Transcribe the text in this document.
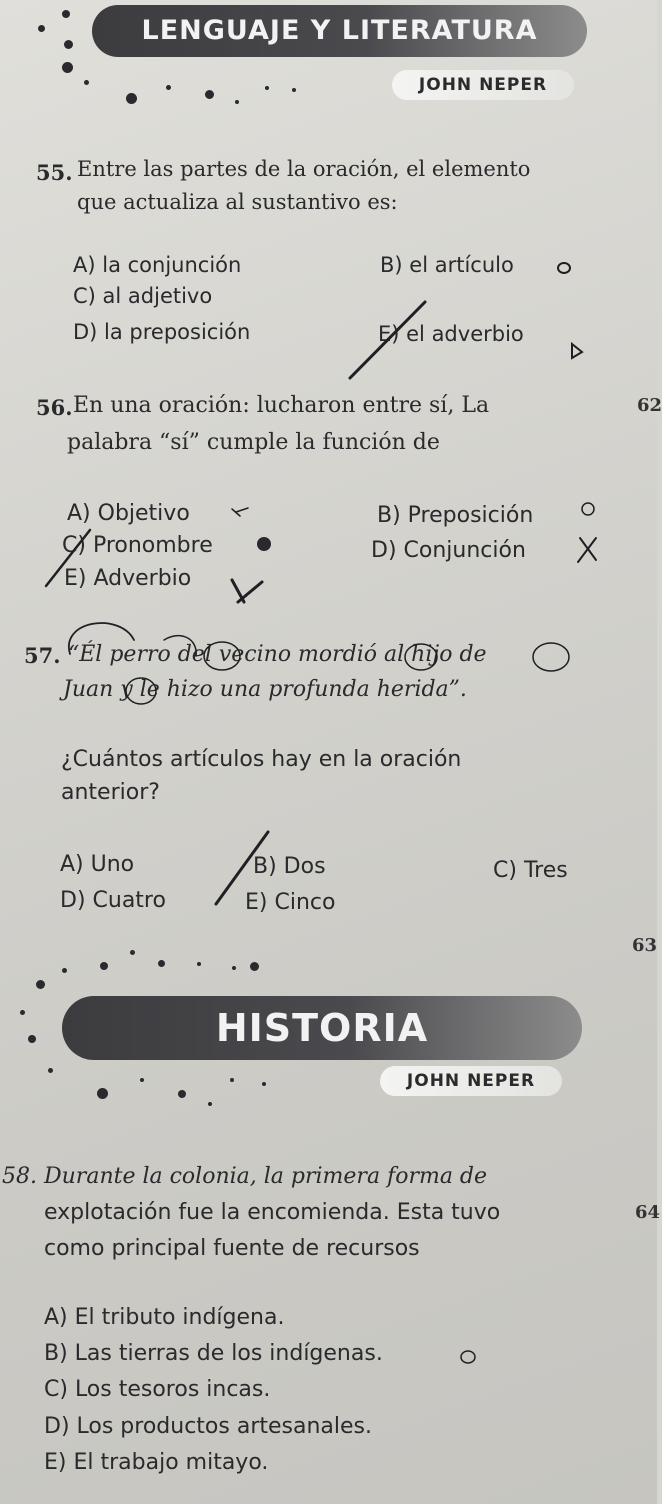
LENGUAJE Y LITERATURA
JOHN NEPER
55. Entre las partes de la oración, el elemento
que actualiza al sustantivo es:
A) la conjunción	B) el artículo
C) al adjetivo
D) la preposición	E) el adverbio
56. En una oración: lucharon entre sí, La
palabra “sí” cumple la función de
62
A) Objetivo	B) Preposición
C) Pronombre	D) Conjunción
E) Adverbio
57. “Él perro del vecino mordió al hijo de
Juan y le hizo una profunda herida”.
¿Cuántos artículos hay en la oración
anterior?
A) Uno	B) Dos	C) Tres
D) Cuatro	E) Cinco
63
HISTORIA
JOHN NEPER
58. Durante la colonia, la primera forma de
explotación fue la encomienda. Esta tuvo
como principal fuente de recursos
64
A) El tributo indígena.
B) Las tierras de los indígenas.
C) Los tesoros incas.
D) Los productos artesanales.
E) El trabajo mitayo.
